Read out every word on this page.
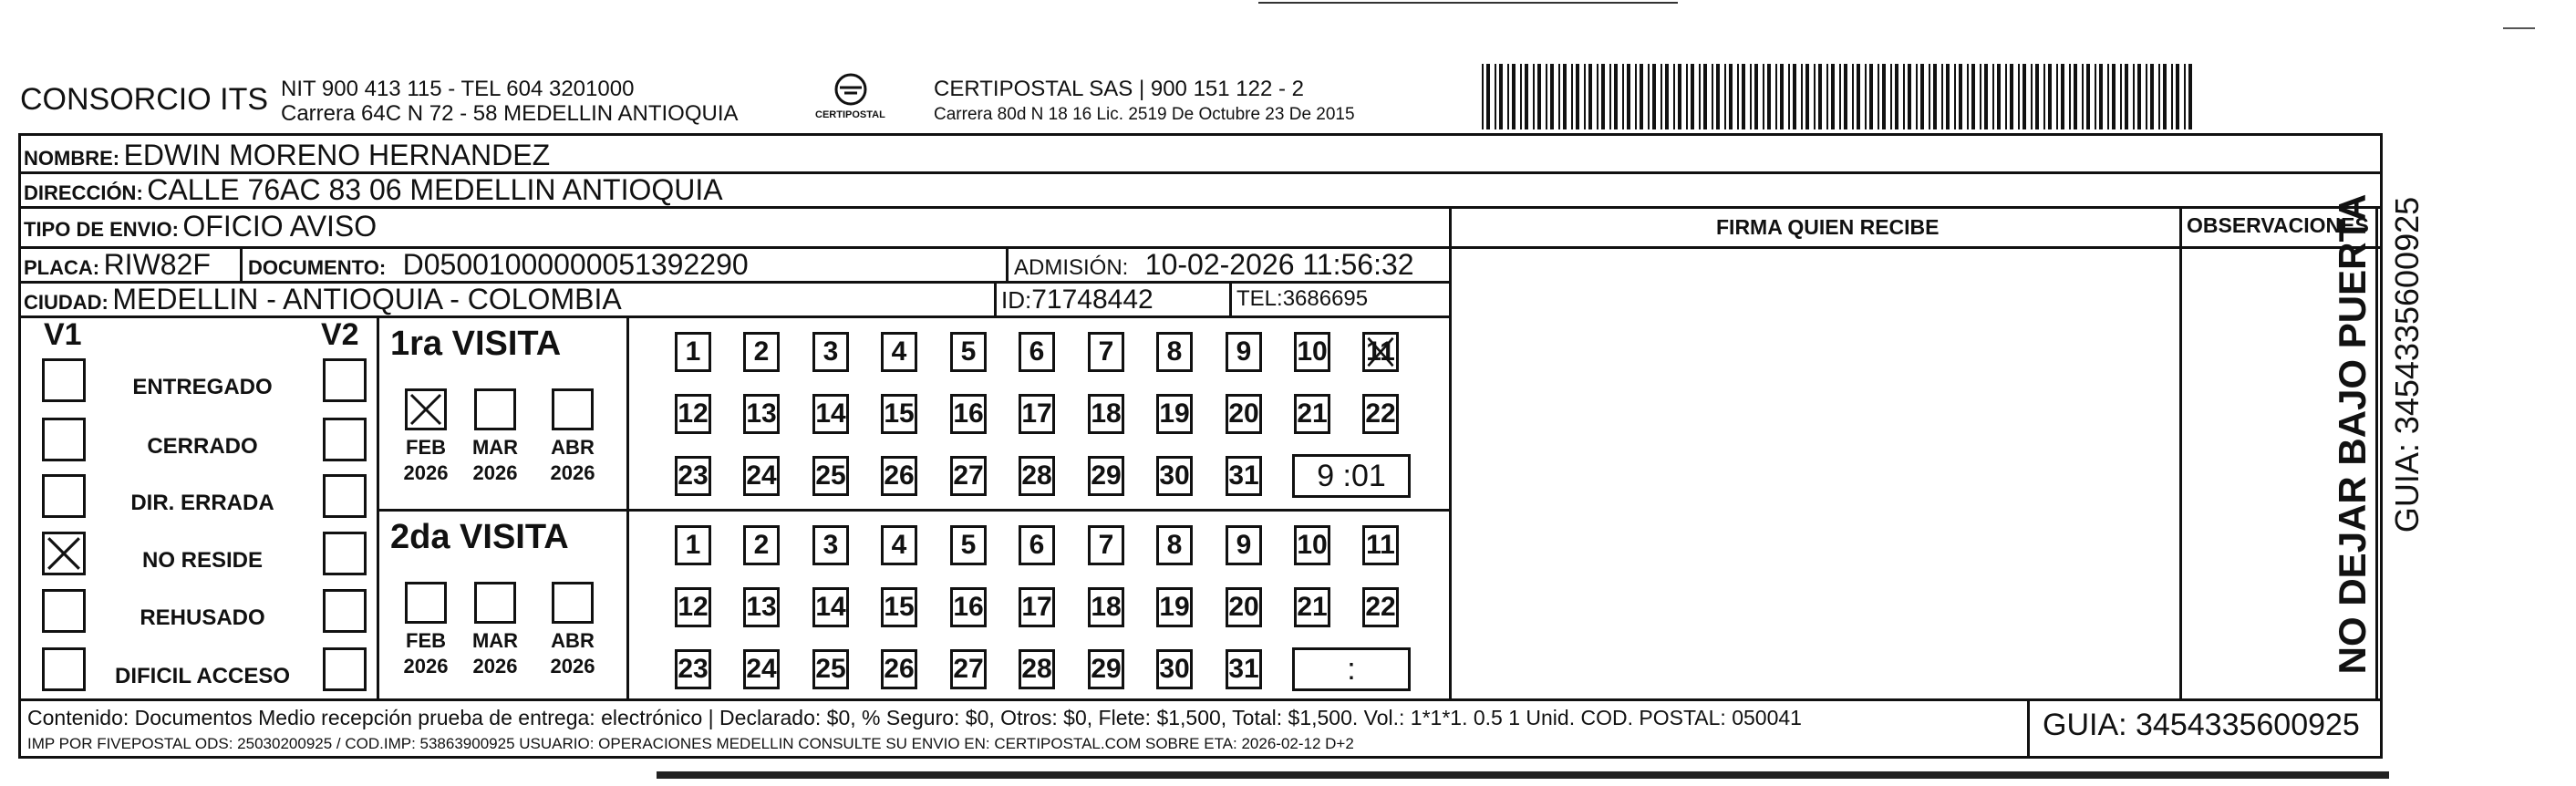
CONSORCIO ITS NIT 900 413 115 - TEL 604 3201000
Carrera 64C N 72 - 58 MEDELLIN ANTIOQUIA	CERTIPOSTAL
CERTIPOSTAL SAS | 900 151 122 - 2
Carrera 80d N 18 16 Lic. 2519 De Octubre 23 De 2015
NOMBRE: EDWIN MORENO HERNANDEZ
DIRECCIÓN: CALLE 76AC 83 06 MEDELLIN ANTIOQUIA
TIPO DE ENVIO: OFICIO AVISO	FIRMA QUIEN RECIBE	OBSERVACIONES
PLACA: RIW82F DOCUMENTO: D05001000000051392290	ADMISIÓN: 10-02-2026 11:56:32
CIUDAD: MEDELLIN - ANTIOQUIA - COLOMBIA	ID:71748442	TEL:3686695
V1	V2
ENTREGADO
CERRADO
DIR. ERRADA
NO RESIDE
REHUSADO
DIFICIL ACCESO
1ra VISITA
FEB
2026
MAR
2026
ABR
2026
1	2	3	4	5	6	7	8	9	10 11
12 13 14 15 16 17 18 19 20 21 22
23 24 25 26 27 28 29 30 31	9 :01
2da VISITA
FEB
2026
MAR
2026
ABR
2026
1	2	3	4	5	6	7	8	9	10 11
12 13 14 15 16 17 18 19 20 21 22
23 24 25 26 27 28 29 30 31	:
Contenido: Documentos Medio recepción prueba de entrega: electrónico | Declarado: $0, % Seguro: $0, Otros: $0, Flete: $1,500, Total: $1,500. Vol.: 1*1*1. 0.5 1 Unid. COD. POSTAL: 050041
IMP POR FIVEPOSTAL ODS: 25030200925 / COD.IMP: 53863900925 USUARIO: OPERACIONES MEDELLIN CONSULTE SU ENVIO EN: CERTIPOSTAL.COM SOBRE ETA: 2026-02-12 D+2
GUIA: 3454335600925
NO DEJAR BAJO PUERTA GUIA: 3454335600925
